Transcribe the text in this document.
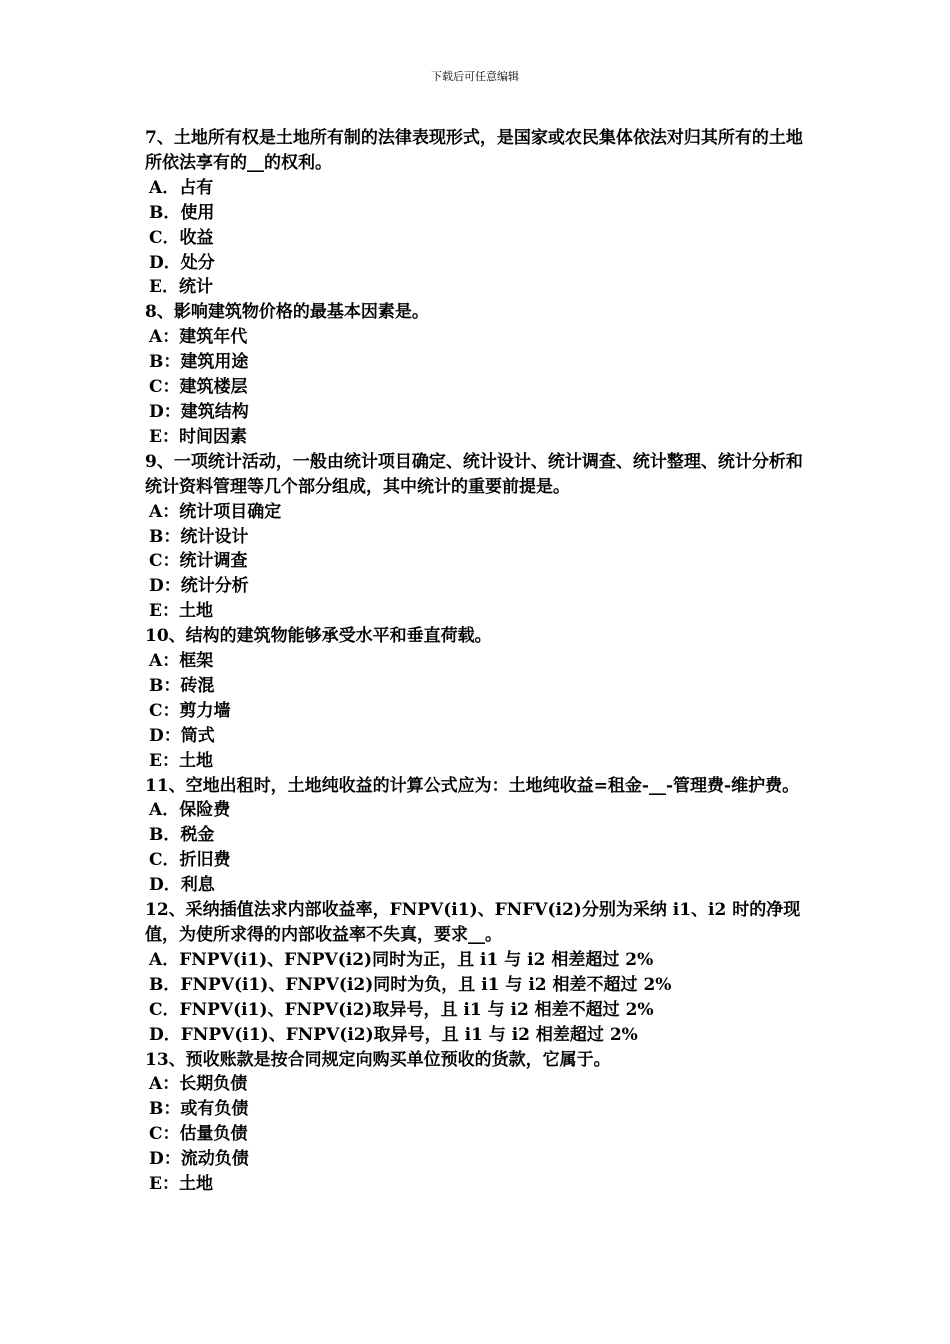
下载后可任意编辑

7、土地所有权是土地所有制的法律表现形式，是国家或农民集体依法对归其所有的土地所依法享有的__的权利。

A．占有

B．使用

C．收益

D．处分

E．统计

8、影响建筑物价格的最基本因素是。

A：建筑年代

B：建筑用途

C：建筑楼层

D：建筑结构

E：时间因素

9、一项统计活动，一般由统计项目确定、统计设计、统计调查、统计整理、统计分析和统计资料管理等几个部分组成，其中统计的重要前提是。

A：统计项目确定

B：统计设计

C：统计调查

D：统计分析

E：土地

10、结构的建筑物能够承受水平和垂直荷载。

A：框架

B：砖混

C：剪力墙

D：筒式

E：土地

11、空地出租时，土地纯收益的计算公式应为：土地纯收益=租金-__-管理费-维护费。

A．保险费

B．税金

C．折旧费

D．利息

12、采纳插值法求内部收益率，FNPV(i1)、FNFV(i2)分别为采纳 i1、i2 时的净现值，为使所求得的内部收益率不失真，要求__。

A．FNPV(i1)、FNPV(i2)同时为正，且 i1 与 i2 相差超过 2%

B．FNPV(i1)、FNPV(i2)同时为负，且 i1 与 i2 相差不超过 2%

C．FNPV(i1)、FNPV(i2)取异号，且 i1 与 i2 相差不超过 2%

D．FNPV(i1)、FNPV(i2)取异号，且 i1 与 i2 相差超过 2%

13、预收账款是按合同规定向购买单位预收的货款，它属于。

A：长期负债

B：或有负债

C：估量负债

D：流动负债

E：土地
